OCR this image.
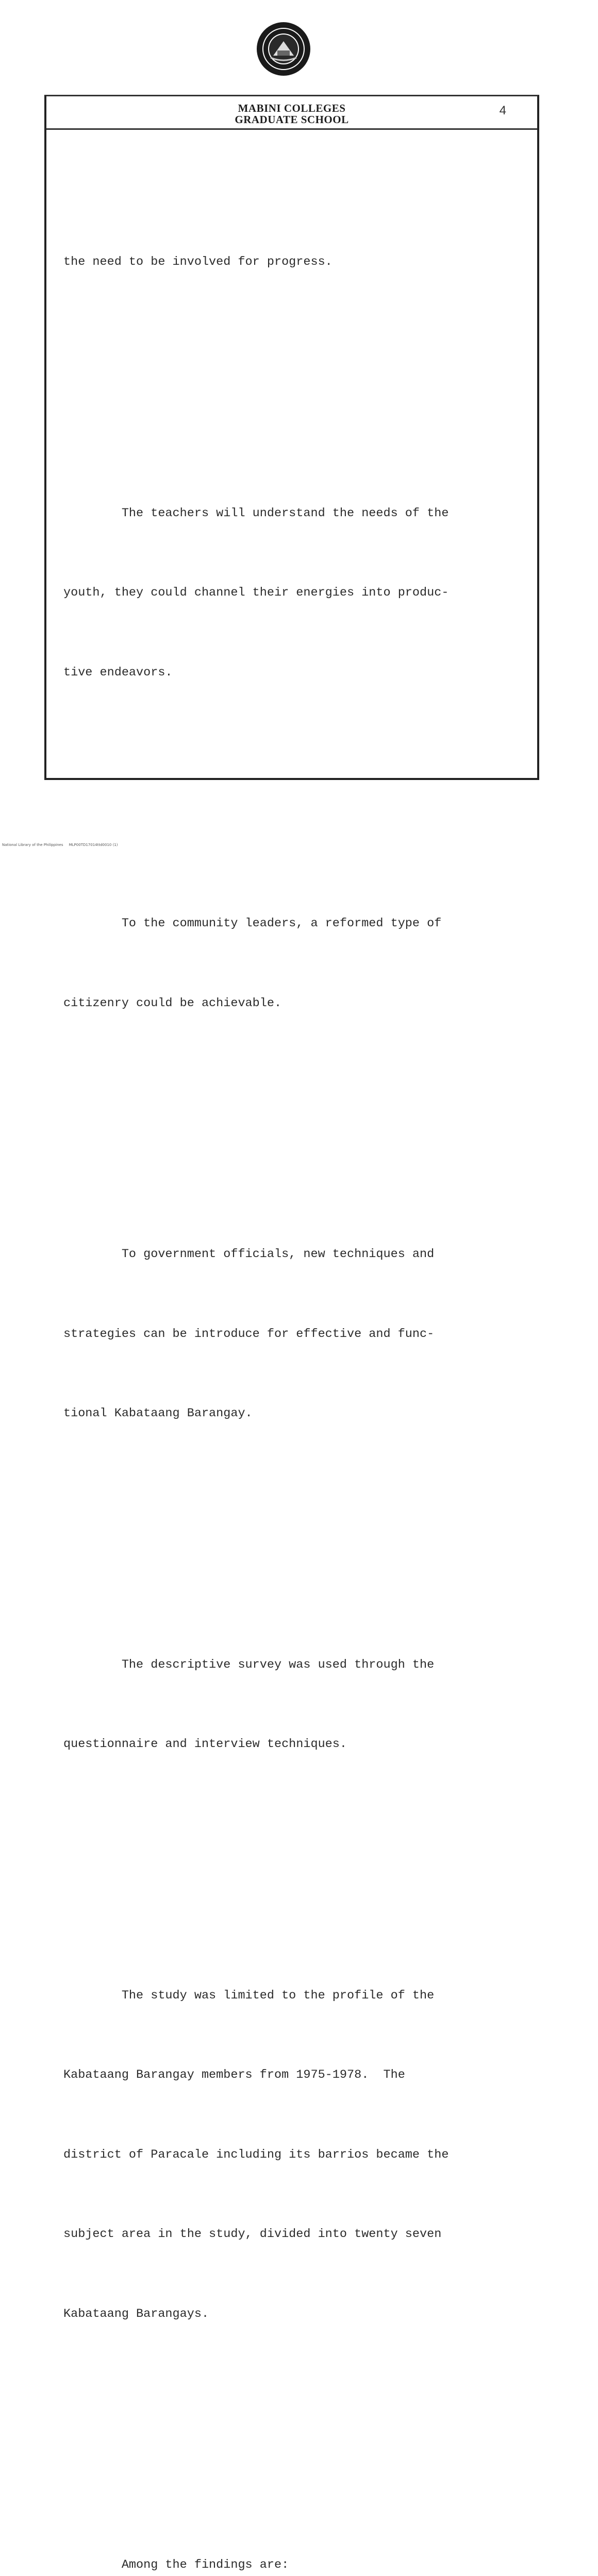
MABINI COLLEGES
GRADUATE SCHOOL
4

the need to be involved for progress.

The teachers will understand the needs of the

youth, they could channel their energies into produc-

tive endeavors.

To the community leaders, a reformed type of

citizenry could be achievable.

To government officials, new techniques and

strategies can be introduce for effective and func-

tional Kabataang Barangay.

The descriptive survey was used through the

questionnaire and interview techniques.

The study was limited to the profile of the

Kabataang Barangay members from 1975-1978.  The

district of Paracale including its barrios became the

subject area in the study, divided into twenty seven

Kabataang Barangays.

Among the findings are:

National Library of the Philippines     MLP00TD17014ttd0010 (1)
